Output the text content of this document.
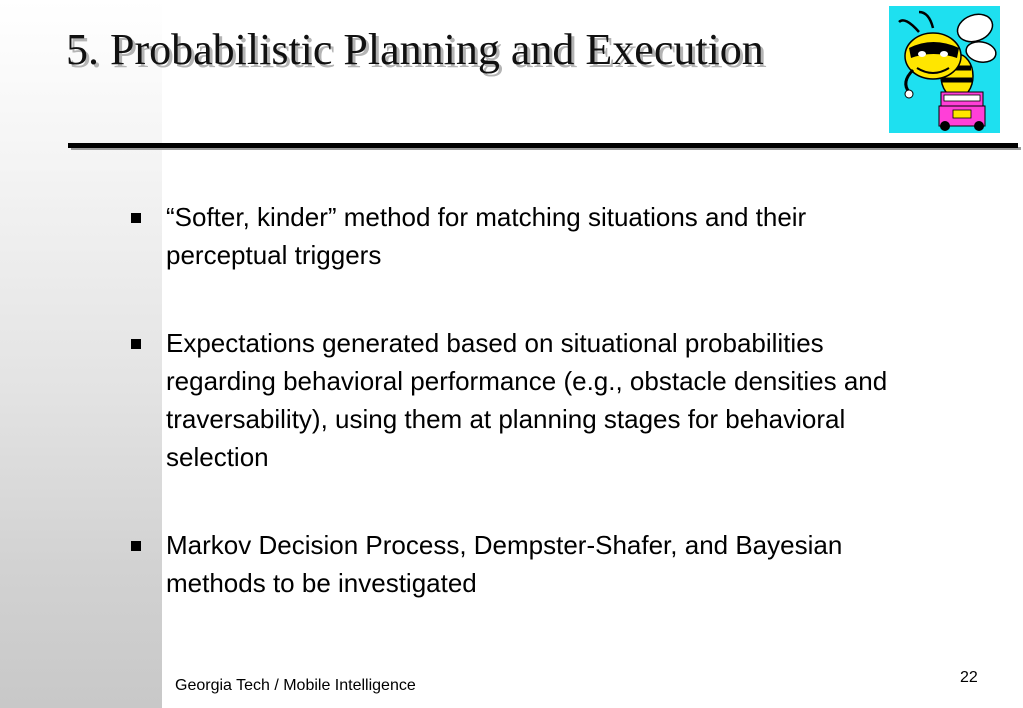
5. Probabilistic Planning and Execution
“Softer, kinder” method for matching situations and their perceptual triggers
Expectations generated based on situational probabilities regarding behavioral performance (e.g., obstacle densities and traversability), using them at planning stages for behavioral selection
Markov Decision Process, Dempster-Shafer, and Bayesian methods to be investigated
Georgia Tech / Mobile Intelligence	22
